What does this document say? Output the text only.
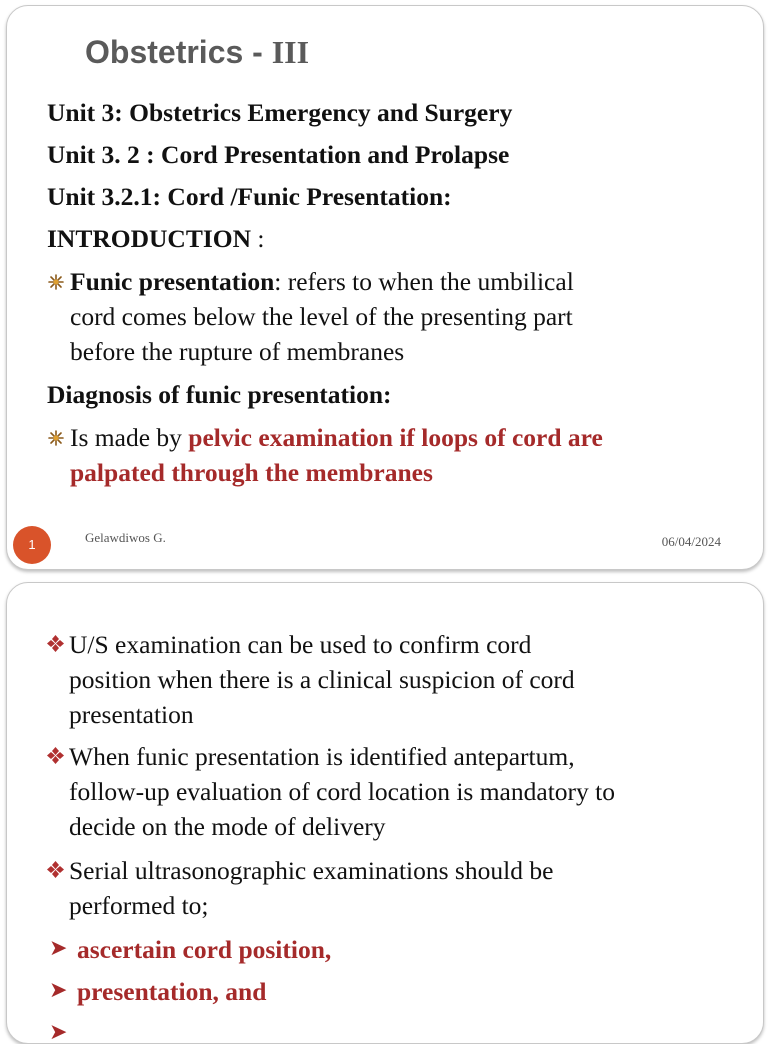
Obstetrics - III
Unit 3: Obstetrics Emergency and Surgery
Unit 3. 2 : Cord Presentation and Prolapse
Unit 3.2.1: Cord /Funic Presentation:
INTRODUCTION :
Funic presentation: refers to when the umbilical
cord comes below the level of the presenting part
before the rupture of membranes
Diagnosis of funic presentation:
Is made by pelvic examination if loops of cord are
palpated through the membranes
1	Gelawdiwos G.	06/04/2024
U/S examination can be used to confirm cord
position when there is a clinical suspicion of cord
presentation
When funic presentation is identified antepartum,
follow-up evaluation of cord location is mandatory to
decide on the mode of delivery
Serial ultrasonographic examinations should be
performed to;
➤ ascertain cord position,
➤ presentation, and
➤
